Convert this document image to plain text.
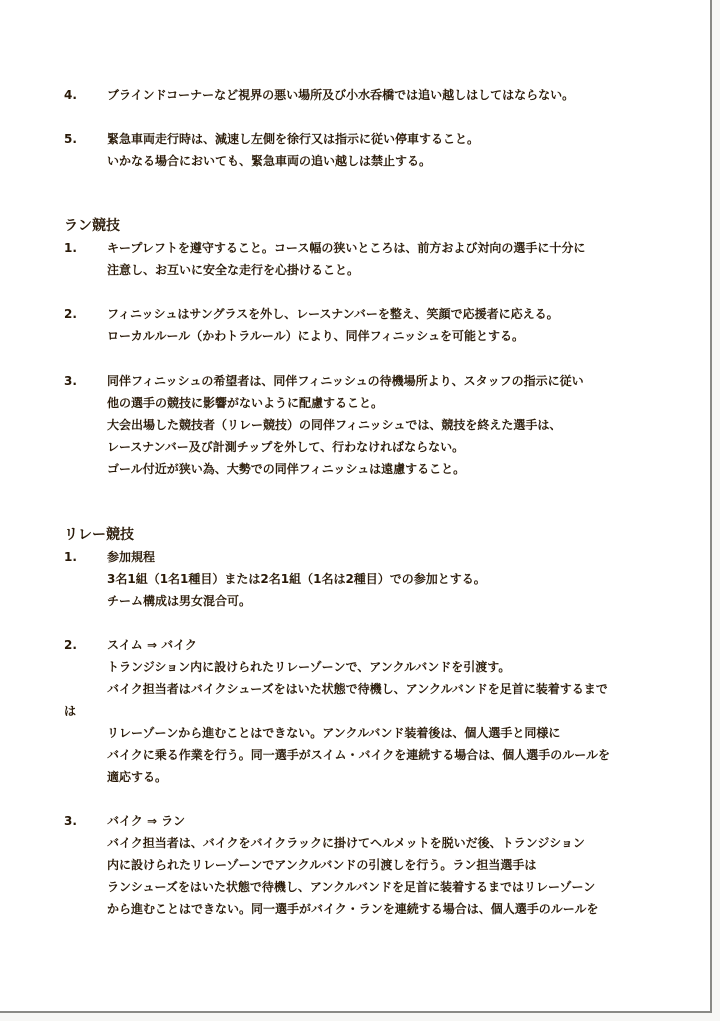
4.	ブラインドコーナーなど視界の悪い場所及び小水呑橋では追い越しはしてはならない。
5.	緊急車両走行時は、減速し左側を徐行又は指示に従い停車すること。
いかなる場合においても、緊急車両の追い越しは禁止する。
ラン競技
1.	キープレフトを遵守すること。コース幅の狭いところは、前方および対向の選手に十分に
注意し、お互いに安全な走行を心掛けること。
2.	フィニッシュはサングラスを外し、レースナンバーを整え、笑顔で応援者に応える。
ローカルルール（かわトラルール）により、同伴フィニッシュを可能とする。
3.	同伴フィニッシュの希望者は、同伴フィニッシュの待機場所より、スタッフの指示に従い
他の選手の競技に影響がないように配慮すること。
大会出場した競技者（リレー競技）の同伴フィニッシュでは、競技を終えた選手は、
レースナンバー及び計測チップを外して、行わなければならない。
ゴール付近が狭い為、大勢での同伴フィニッシュは遠慮すること。
リレー競技
1.	参加規程
3名1組（1名1種目）または2名1組（1名は2種目）での参加とする。
チーム構成は男女混合可。
2.	スイム ⇒ バイク
トランジション内に設けられたリレーゾーンで、アンクルバンドを引渡す。
バイク担当者はバイクシューズをはいた状態で待機し、アンクルバンドを足首に装着するまで
は
リレーゾーンから進むことはできない。アンクルバンド装着後は、個人選手と同様に
バイクに乗る作業を行う。同一選手がスイム・バイクを連続する場合は、個人選手のルールを
適応する。
3.	バイク ⇒ ラン
バイク担当者は、バイクをバイクラックに掛けてヘルメットを脱いだ後、トランジション
内に設けられたリレーゾーンでアンクルバンドの引渡しを行う。ラン担当選手は
ランシューズをはいた状態で待機し、アンクルバンドを足首に装着するまではリレーゾーン
から進むことはできない。同一選手がバイク・ランを連続する場合は、個人選手のルールを
